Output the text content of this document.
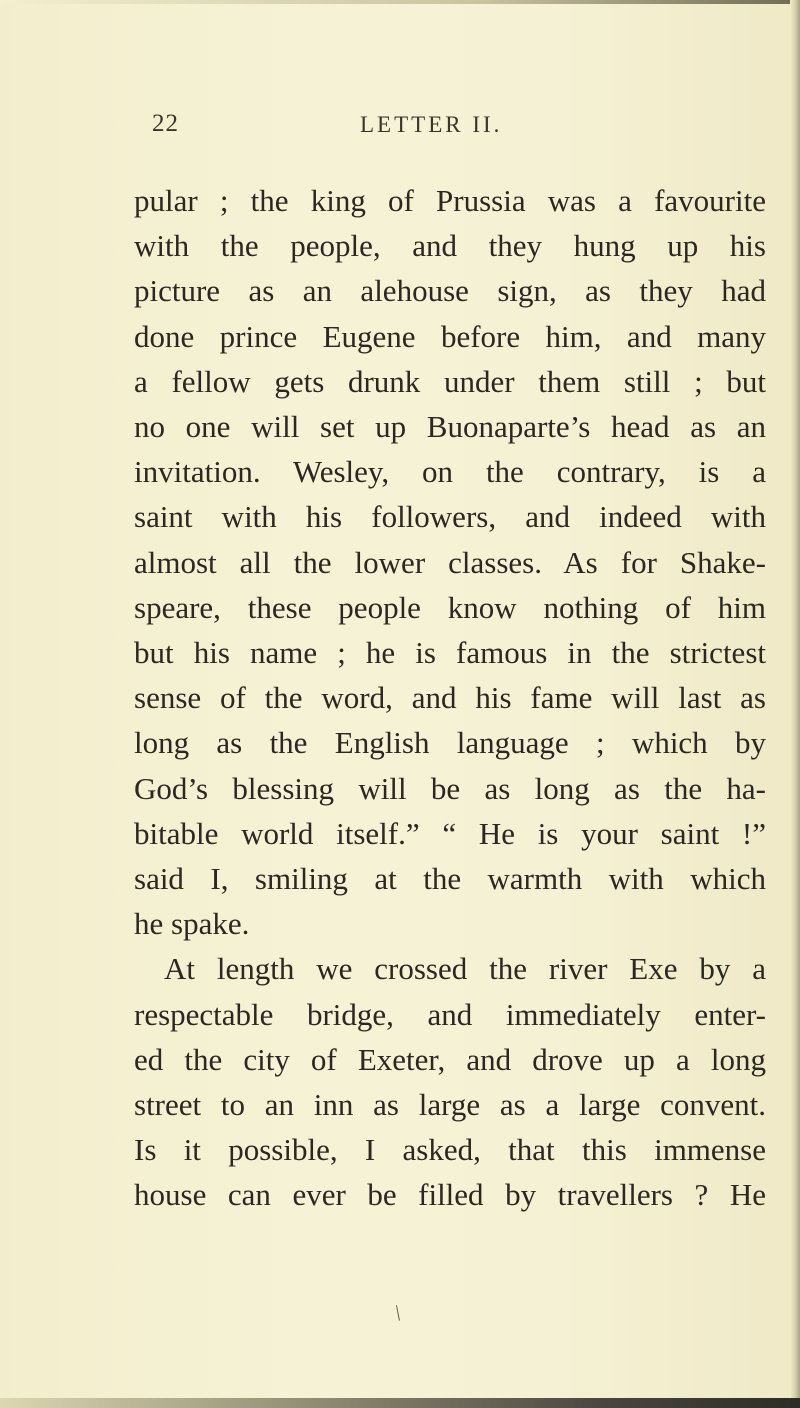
22	LETTER II.
pular ; the king of Prussia was a favourite
with the people, and they hung up his
picture as an alehouse sign, as they had
done prince Eugene before him, and many
a fellow gets drunk under them still ; but
no one will set up Buonaparte’s head as an
invitation. Wesley, on the contrary, is a
saint with his followers, and indeed with
almost all the lower classes. As for Shake-
speare, these people know nothing of him
but his name ; he is famous in the strictest
sense of the word, and his fame will last as
long as the English language ; which by
God’s blessing will be as long as the ha-
bitable world itself.” “ He is your saint !”
said I, smiling at the warmth with which
he spake.
At length we crossed the river Exe by a
respectable bridge, and immediately enter-
ed the city of Exeter, and drove up a long
street to an inn as large as a large convent.
Is it possible, I asked, that this immense
house can ever be filled by travellers ? He
/
